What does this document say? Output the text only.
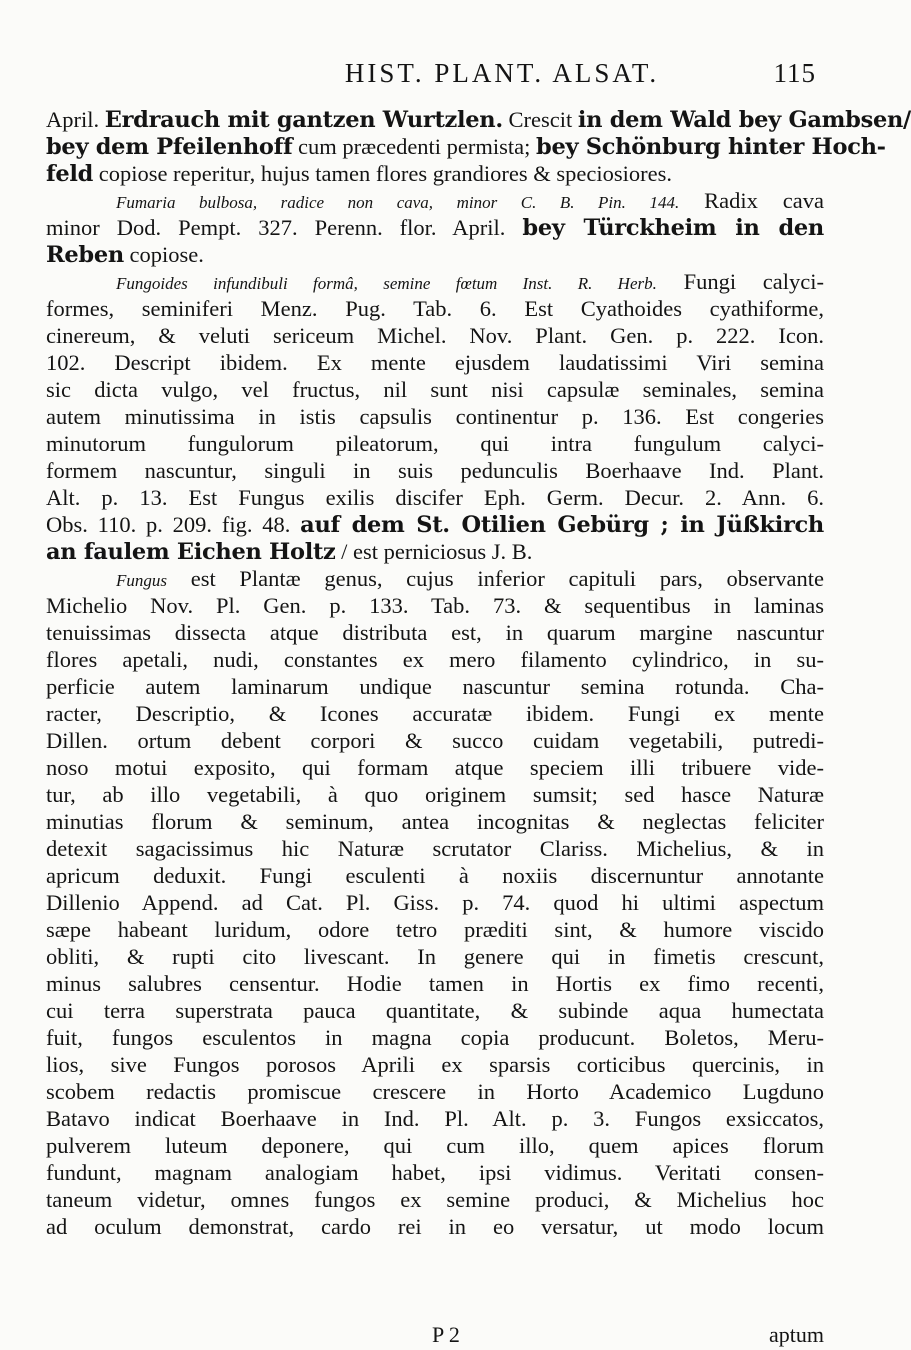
HIST. PLANT. ALSAT.	115
April. Erdrauch mit gantzen Wurtzlen. Crescit in dem Wald bey Gambsen/
bey dem Pfeilenhoff cum præcedenti permista; bey Schönburg hinter Hoch-
feld copiose reperitur, hujus tamen flores grandiores & speciosiores.
Fumaria bulbosa, radice non cava, minor C. B. Pin. 144. Radix cava
minor Dod. Pempt. 327. Perenn. flor. April. bey Türckheim in den
Reben copiose.
Fungoides infundibuli formâ, semine fœtum Inst. R. Herb. Fungi calyci-
formes, seminiferi Menz. Pug. Tab. 6. Est Cyathoides cyathiforme,
cinereum, & veluti sericeum Michel. Nov. Plant. Gen. p. 222. Icon.
102. Descript ibidem. Ex mente ejusdem laudatissimi Viri semina
sic dicta vulgo, vel fructus, nil sunt nisi capsulæ seminales, semina
autem minutissima in istis capsulis continentur p. 136. Est congeries
minutorum fungulorum pileatorum, qui intra fungulum calyci-
formem nascuntur, singuli in suis pedunculis Boerhaave Ind. Plant.
Alt. p. 13. Est Fungus exilis discifer Eph. Germ. Decur. 2. Ann. 6.
Obs. 110. p. 209. fig. 48. auf dem St. Otilien Gebürg ; in Jüßkirch
an faulem Eichen Holtz / est perniciosus J. B.
Fungus est Plantæ genus, cujus inferior capituli pars, observante
Michelio Nov. Pl. Gen. p. 133. Tab. 73. & sequentibus in laminas
tenuissimas dissecta atque distributa est, in quarum margine nascuntur
flores apetali, nudi, constantes ex mero filamento cylindrico, in su-
perficie autem laminarum undique nascuntur semina rotunda. Cha-
racter, Descriptio, & Icones accuratæ ibidem. Fungi ex mente
Dillen. ortum debent corpori & succo cuidam vegetabili, putredi-
noso motui exposito, qui formam atque speciem illi tribuere vide-
tur, ab illo vegetabili, à quo originem sumsit; sed hasce Naturæ
minutias florum & seminum, antea incognitas & neglectas feliciter
detexit sagacissimus hic Naturæ scrutator Clariss. Michelius, & in
apricum deduxit. Fungi esculenti à noxiis discernuntur annotante
Dillenio Append. ad Cat. Pl. Giss. p. 74. quod hi ultimi aspectum
sæpe habeant luridum, odore tetro præditi sint, & humore viscido
obliti, & rupti cito livescant. In genere qui in fimetis crescunt,
minus salubres censentur. Hodie tamen in Hortis ex fimo recenti,
cui terra superstrata pauca quantitate, & subinde aqua humectata
fuit, fungos esculentos in magna copia producunt. Boletos, Meru-
lios, sive Fungos porosos Aprili ex sparsis corticibus quercinis, in
scobem redactis promiscue crescere in Horto Academico Lugduno
Batavo indicat Boerhaave in Ind. Pl. Alt. p. 3. Fungos exsiccatos,
pulverem luteum deponere, qui cum illo, quem apices florum
fundunt, magnam analogiam habet, ipsi vidimus. Veritati consen-
taneum videtur, omnes fungos ex semine produci, & Michelius hoc
ad oculum demonstrat, cardo rei in eo versatur, ut modo locum
P 2	aptum
